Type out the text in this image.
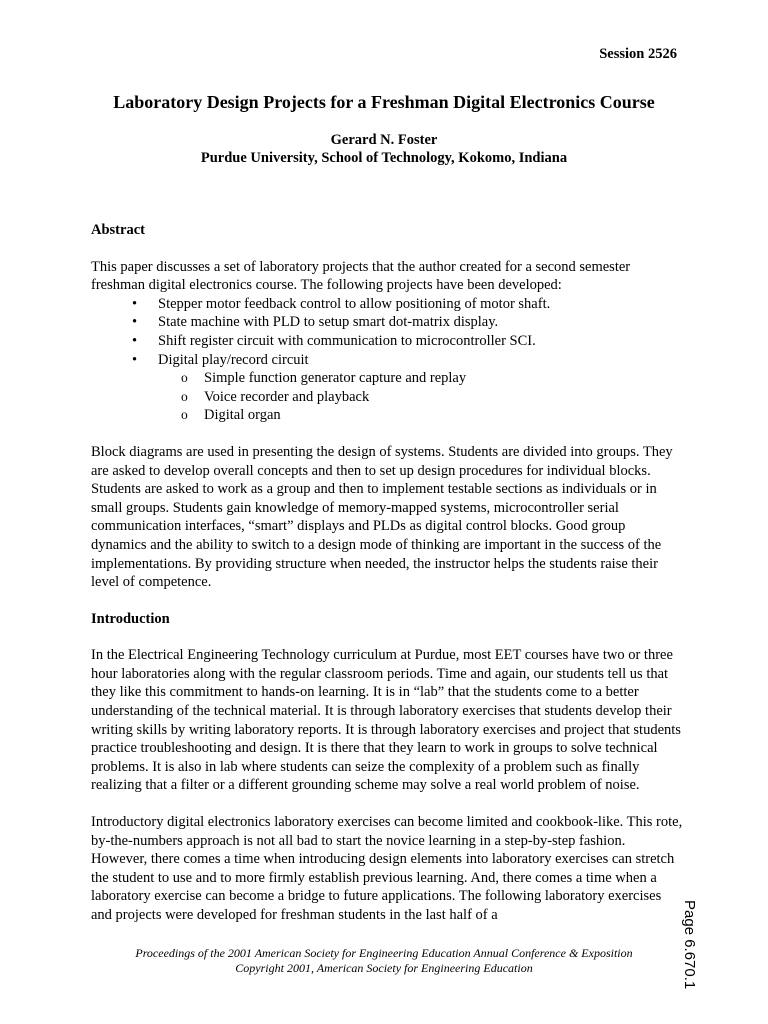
Session 2526

Laboratory Design Projects for a Freshman Digital Electronics Course
Gerard N. Foster
Purdue University, School of Technology, Kokomo, Indiana
Abstract

This paper discusses a set of laboratory projects that the author created for a second semester freshman digital electronics course. The following projects have been developed:

• Stepper motor feedback control to allow positioning of motor shaft.
• State machine with PLD to setup smart dot-matrix display.
• Shift register circuit with communication to microcontroller SCI.
• Digital play/record circuit
o Simple function generator capture and replay
o Voice recorder and playback
o Digital organ

Block diagrams are used in presenting the design of systems. Students are divided into groups. They are asked to develop overall concepts and then to set up design procedures for individual blocks. Students are asked to work as a group and then to implement testable sections as individuals or in small groups. Students gain knowledge of memory-mapped systems, microcontroller serial communication interfaces, “smart” displays and PLDs as digital control blocks. Good group dynamics and the ability to switch to a design mode of thinking are important in the success of the implementations. By providing structure when needed, the instructor helps the students raise their level of competence.

Introduction

In the Electrical Engineering Technology curriculum at Purdue, most EET courses have two or three hour laboratories along with the regular classroom periods. Time and again, our students tell us that they like this commitment to hands-on learning. It is in “lab” that the students come to a better understanding of the technical material. It is through laboratory exercises that students develop their writing skills by writing laboratory reports. It is through laboratory exercises and project that students practice troubleshooting and design. It is there that they learn to work in groups to solve technical problems. It is also in lab where students can seize the complexity of a problem such as finally realizing that a filter or a different grounding scheme may solve a real world problem of noise.

Introductory digital electronics laboratory exercises can become limited and cookbook-like. This rote, by-the-numbers approach is not all bad to start the novice learning in a step-by-step fashion. However, there comes a time when introducing design elements into laboratory exercises can stretch the student to use and to more firmly establish previous learning. And, there comes a time when a laboratory exercise can become a bridge to future applications. The following laboratory exercises and projects were developed for freshman students in the last half of a

Proceedings of the 2001 American Society for Engineering Education Annual Conference & Exposition
Copyright 2001, American Society for Engineering Education	Page 6.670.1
